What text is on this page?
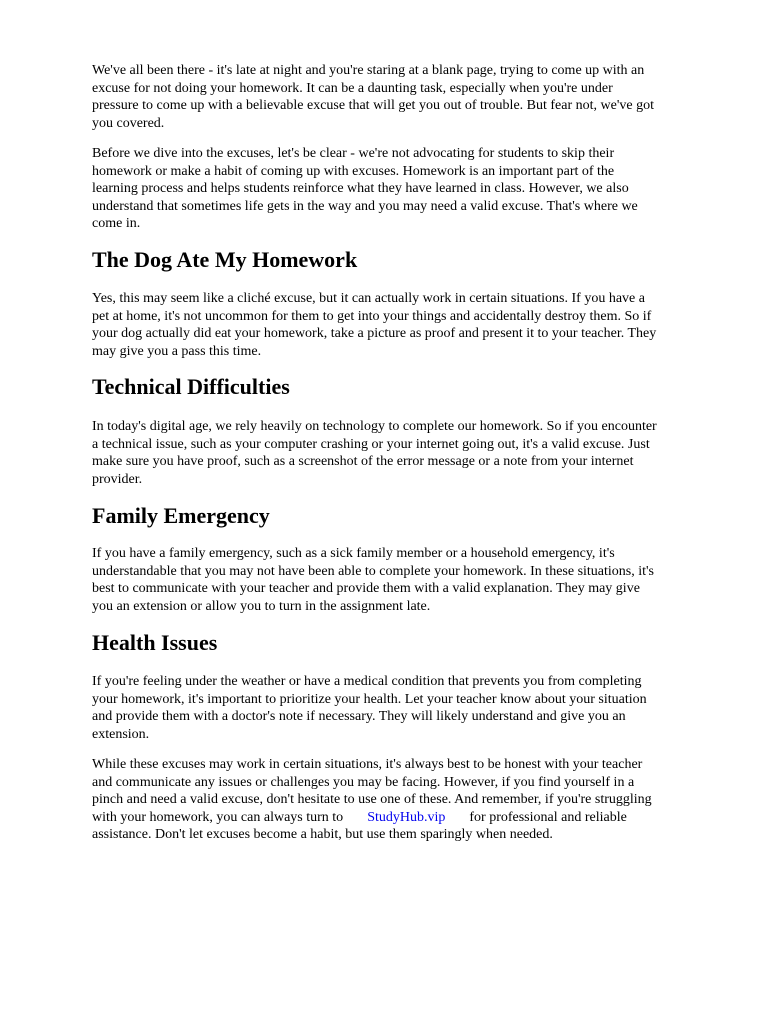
We've all been there - it's late at night and you're staring at a blank page, trying to come up with an
excuse for not doing your homework. It can be a daunting task, especially when you're under
pressure to come up with a believable excuse that will get you out of trouble. But fear not, we've got
you covered.

Before we dive into the excuses, let's be clear - we're not advocating for students to skip their
homework or make a habit of coming up with excuses. Homework is an important part of the
learning process and helps students reinforce what they have learned in class. However, we also
understand that sometimes life gets in the way and you may need a valid excuse. That's where we
come in.

The Dog Ate My Homework

Yes, this may seem like a cliché excuse, but it can actually work in certain situations. If you have a
pet at home, it's not uncommon for them to get into your things and accidentally destroy them. So if
your dog actually did eat your homework, take a picture as proof and present it to your teacher. They
may give you a pass this time.

Technical Difficulties

In today's digital age, we rely heavily on technology to complete our homework. So if you encounter
a technical issue, such as your computer crashing or your internet going out, it's a valid excuse. Just
make sure you have proof, such as a screenshot of the error message or a note from your internet
provider.

Family Emergency

If you have a family emergency, such as a sick family member or a household emergency, it's
understandable that you may not have been able to complete your homework. In these situations, it's
best to communicate with your teacher and provide them with a valid explanation. They may give
you an extension or allow you to turn in the assignment late.

Health Issues

If you're feeling under the weather or have a medical condition that prevents you from completing
your homework, it's important to prioritize your health. Let your teacher know about your situation
and provide them with a doctor's note if necessary. They will likely understand and give you an
extension.

While these excuses may work in certain situations, it's always best to be honest with your teacher
and communicate any issues or challenges you may be facing. However, if you find yourself in a
pinch and need a valid excuse, don't hesitate to use one of these. And remember, if you're struggling
with your homework, you can always turn to StudyHub.vip for professional and reliable
assistance. Don't let excuses become a habit, but use them sparingly when needed.
